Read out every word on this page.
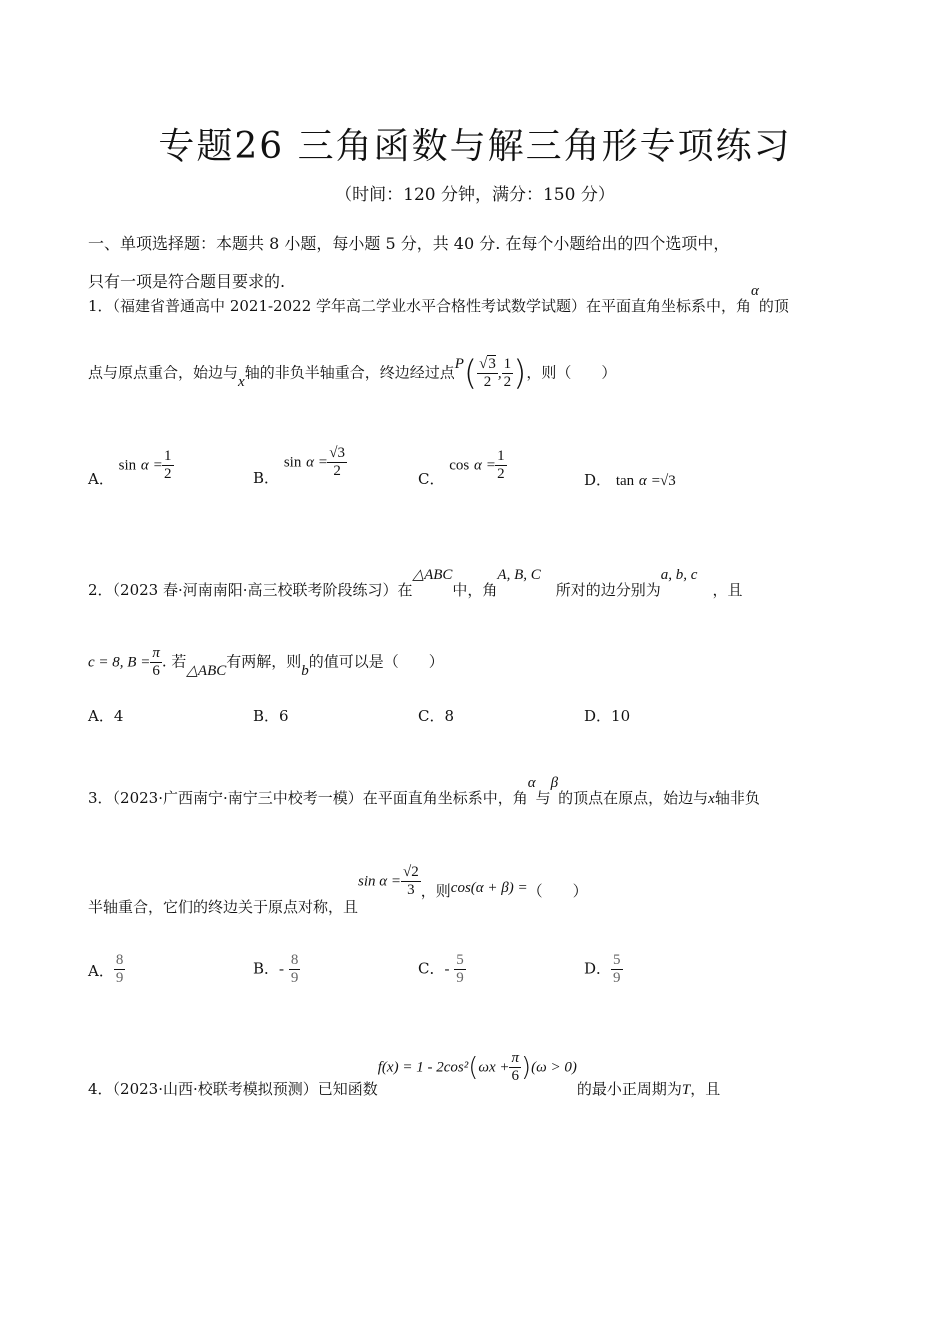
专题26 三角函数与解三角形专项练习
（时间：120 分钟，满分：150 分）
一、单项选择题：本题共 8 小题，每小题 5 分，共 40 分. 在每个小题给出的四个选项中，
只有一项是符合题目要求的.
1．（福建省普通高中 2021-2022 学年高二学业水平合格性考试数学试题）在平面直角坐标系中，角α的顶
点与原点重合，始边与x轴的非负半轴重合，终边经过点$P( \frac{√3}{2}$ , $\frac{1}{2}$ )，则（　　）
A． $\sin \alpha = \frac{1}{2}$	B． $\sin \alpha = \frac{√3}{2}$	C． $\cos \alpha = \frac{1}{2}$	D． tan α =√3
2．（2023 春·河南南阳·高三校联考阶段练习）在△ABC中，角A, B, C　所对的边分别为a, b, c　，且
c = 8, $B = \frac{\pi}{6}$ . 若△ABC有两解，则b的值可以是（　　）
A．4	B．6	C．8	D．10
3．（2023·广西南宁·南宁三中校考一模）在平面直角坐标系中，角α与β的顶点在原点，始边与x轴非负
半轴重合，它们的终边关于原点对称，且$\sin \alpha = \frac{√2}{3}$ ，则cos(α + β) =（　　）
A． $\frac{8}{9}$	B．- $\frac{8}{9}$	C．- $\frac{5}{9}$	D． $\frac{5}{9}$
4．（2023·山西·校联考模拟预测）已知函数$f(x) = 1 - 2\cos^2(\omega x + \frac{\pi}{6} )(\omega > 0)$的最小正周期为T，且
